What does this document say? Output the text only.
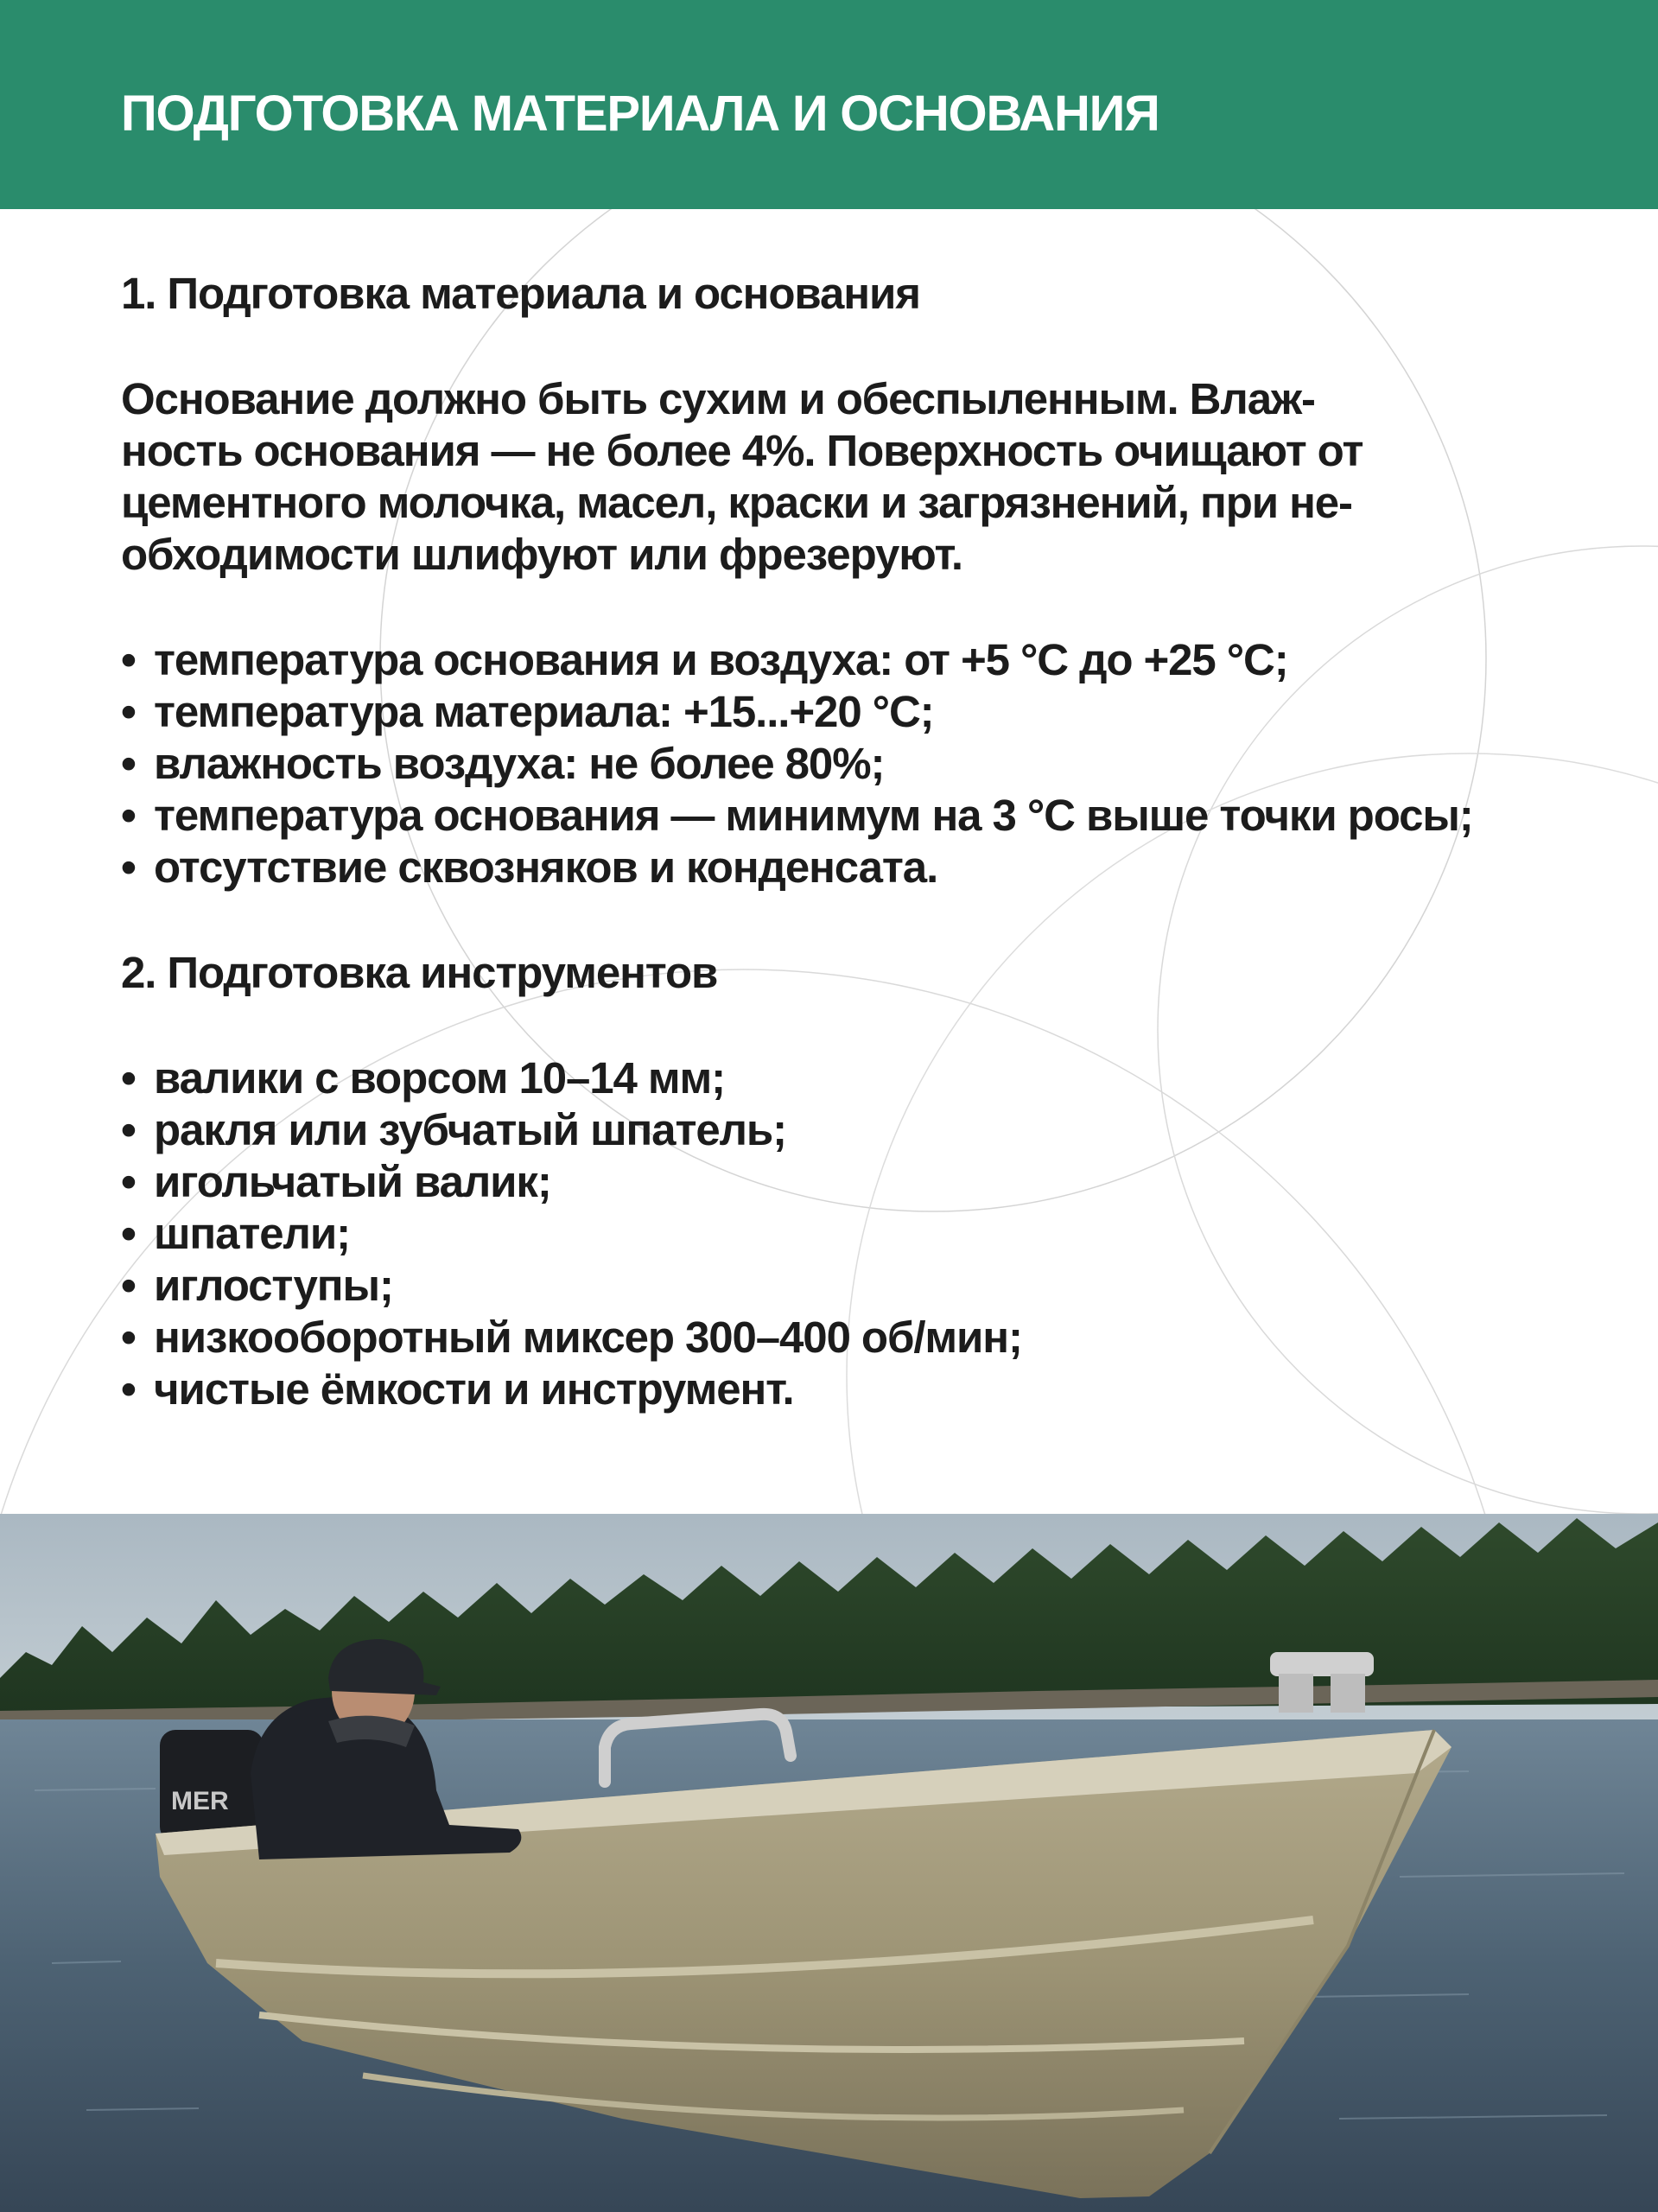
ПОДГОТОВКА МАТЕРИАЛА И ОСНОВАНИЯ

1. Подготовка материала и основания

Основание должно быть сухим и обеспыленным. Влаж-
ность основания — не более 4%. Поверхность очищают от
цементного молочка, масел, краски и загрязнений, при не-
обходимости шлифуют или фрезеруют.

• температура основания и воздуха: от +5 °C до +25 °C;
• температура материала: +15...+20 °C;
• влажность воздуха: не более 80%;
• температура основания — минимум на 3 °C выше точки росы;
• отсутствие сквозняков и конденсата.

2. Подготовка инструментов

• валики с ворсом 10–14 мм;
• ракля или зубчатый шпатель;
• игольчатый валик;
• шпатели;
• иглоступы;
• низкооборотный миксер 300–400 об/мин;
• чистые ёмкости и инструмент.
MER
